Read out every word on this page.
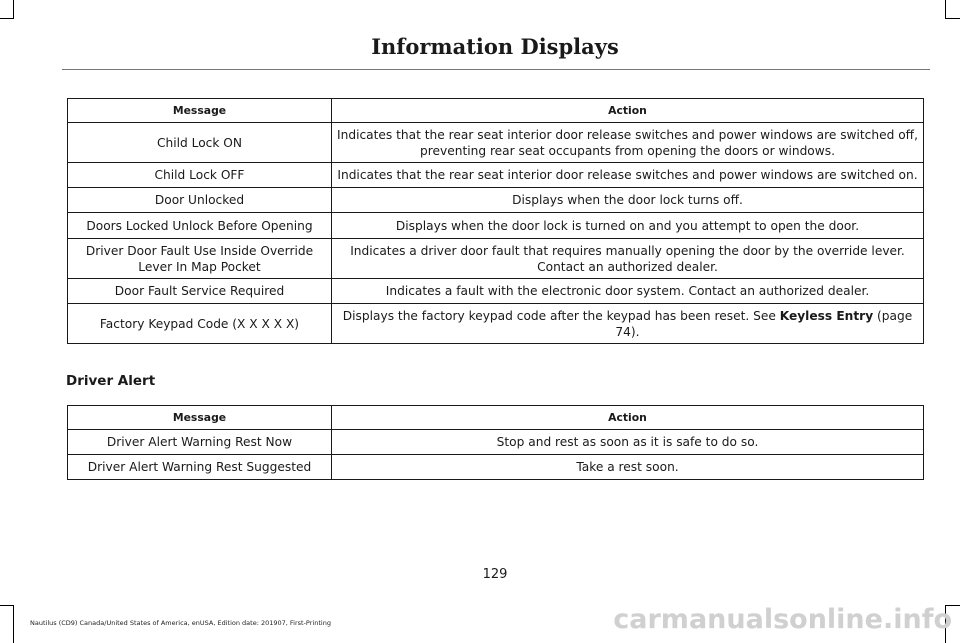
Information Displays
Message	Action
Child Lock ON	Indicates that the rear seat interior door release switches and power windows are switched off, preventing rear seat occupants from opening the doors or windows.
Child Lock OFF	Indicates that the rear seat interior door release switches and power windows are switched on.
Door Unlocked	Displays when the door lock turns off.
Doors Locked Unlock Before Opening	Displays when the door lock is turned on and you attempt to open the door.
Driver Door Fault Use Inside Override Lever In Map Pocket	Indicates a driver door fault that requires manually opening the door by the override lever. Contact an authorized dealer.
Door Fault Service Required	Indicates a fault with the electronic door system. Contact an authorized dealer.
Factory Keypad Code (X X X X X)	Displays the factory keypad code after the keypad has been reset. See Keyless Entry (page 74).
Driver Alert
Message	Action
Driver Alert Warning Rest Now	Stop and rest as soon as it is safe to do so.
Driver Alert Warning Rest Suggested	Take a rest soon.
129
Nautilus (CD9) Canada/United States of America, enUSA, Edition date: 201907, First-Printing	carmanualsonline.info
